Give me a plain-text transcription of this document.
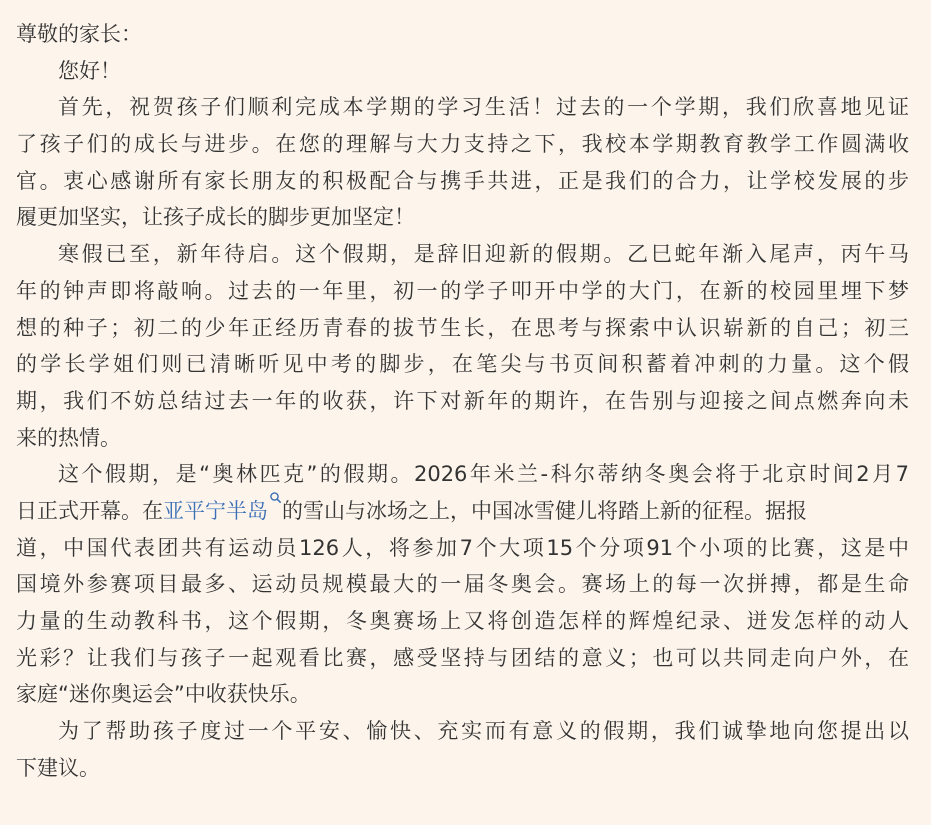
尊敬的家长：
您好！
首先，祝贺孩子们顺利完成本学期的学习生活！过去的一个学期，我们欣喜地见证
了孩子们的成长与进步。在您的理解与大力支持之下，我校本学期教育教学工作圆满收
官。衷心感谢所有家长朋友的积极配合与携手共进，正是我们的合力，让学校发展的步
履更加坚实，让孩子成长的脚步更加坚定！
寒假已至，新年待启。这个假期，是辞旧迎新的假期。乙巳蛇年渐入尾声，丙午马
年的钟声即将敲响。过去的一年里，初一的学子叩开中学的大门，在新的校园里埋下梦
想的种子；初二的少年正经历青春的拔节生长，在思考与探索中认识崭新的自己；初三
的学长学姐们则已清晰听见中考的脚步，在笔尖与书页间积蓄着冲刺的力量。这个假
期，我们不妨总结过去一年的收获，许下对新年的期许，在告别与迎接之间点燃奔向未
来的热情。
这个假期，是“奥林匹克”的假期。2026年米兰-科尔蒂纳冬奥会将于北京时间2月7
日正式开幕。在亚平宁半岛 的雪山与冰场之上，中国冰雪健儿将踏上新的征程。据报
道，中国代表团共有运动员126人，将参加7个大项15个分项91个小项的比赛，这是中
国境外参赛项目最多、运动员规模最大的一届冬奥会。赛场上的每一次拼搏，都是生命
力量的生动教科书，这个假期，冬奥赛场上又将创造怎样的辉煌纪录、迸发怎样的动人
光彩？让我们与孩子一起观看比赛，感受坚持与团结的意义；也可以共同走向户外，在
家庭“迷你奥运会”中收获快乐。
为了帮助孩子度过一个平安、愉快、充实而有意义的假期，我们诚挚地向您提出以
下建议。
